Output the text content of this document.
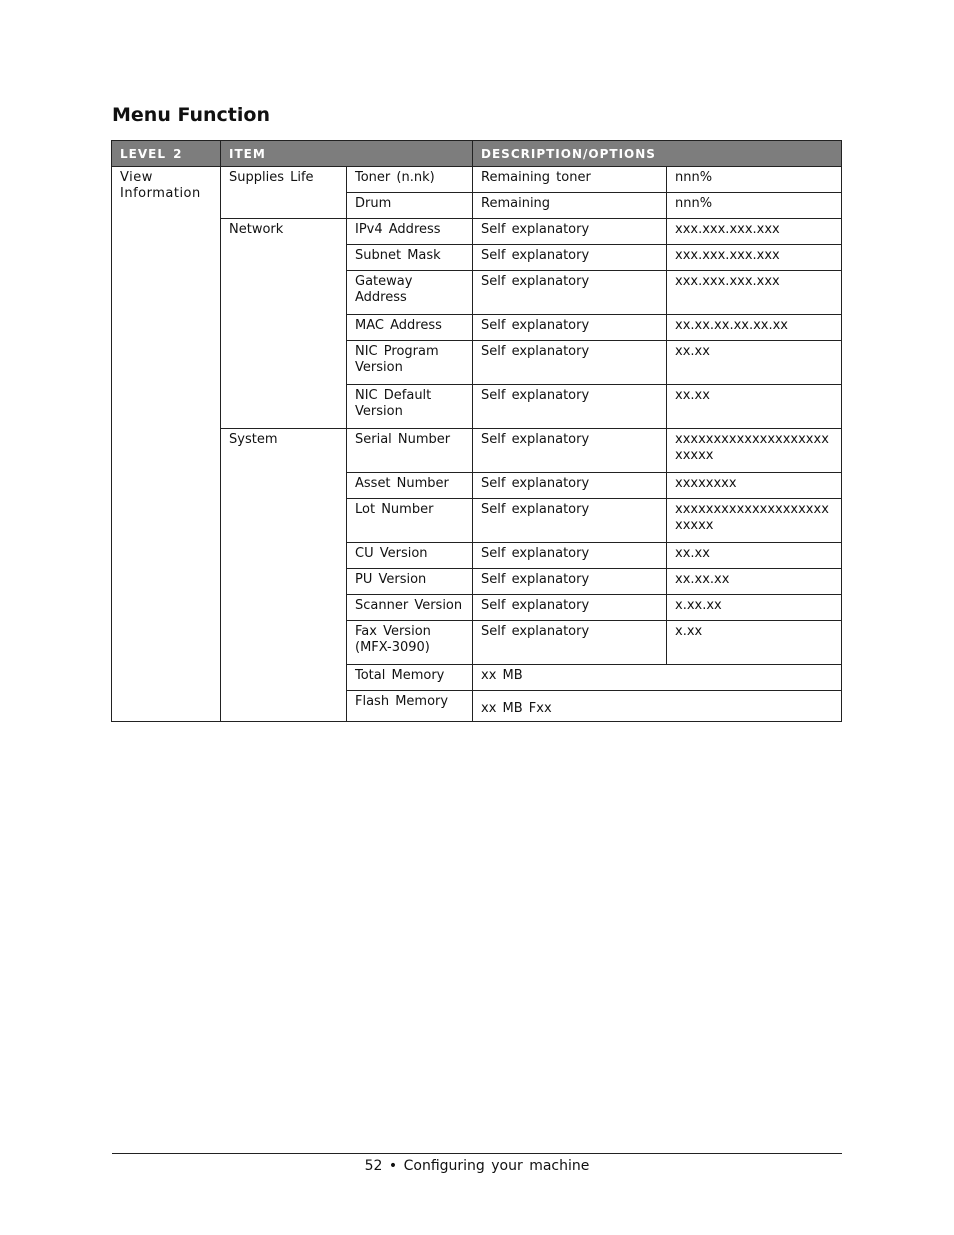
Menu Function
LEVEL 2	ITEM		DESCRIPTION/OPTIONS	
View Information	Supplies Life	Toner (n.nk)	Remaining toner	nnn%
		Drum	Remaining	nnn%
	Network	IPv4 Address	Self explanatory	xxx.xxx.xxx.xxx
		Subnet Mask	Self explanatory	xxx.xxx.xxx.xxx
		Gateway Address	Self explanatory	xxx.xxx.xxx.xxx
		MAC Address	Self explanatory	xx.xx.xx.xx.xx.xx
		NIC Program Version	Self explanatory	xx.xx
		NIC Default Version	Self explanatory	xx.xx
	System	Serial Number	Self explanatory	xxxxxxxxxxxxxxxxxxxxxxxxx
		Asset Number	Self explanatory	xxxxxxxx
		Lot Number	Self explanatory	xxxxxxxxxxxxxxxxxxxxxxxxx
		CU Version	Self explanatory	xx.xx
		PU Version	Self explanatory	xx.xx.xx
		Scanner Version	Self explanatory	x.xx.xx
		Fax Version (MFX-3090)	Self explanatory	x.xx
		Total Memory	xx MB	
		Flash Memory	xx MB Fxx	
52 • Configuring your machine
